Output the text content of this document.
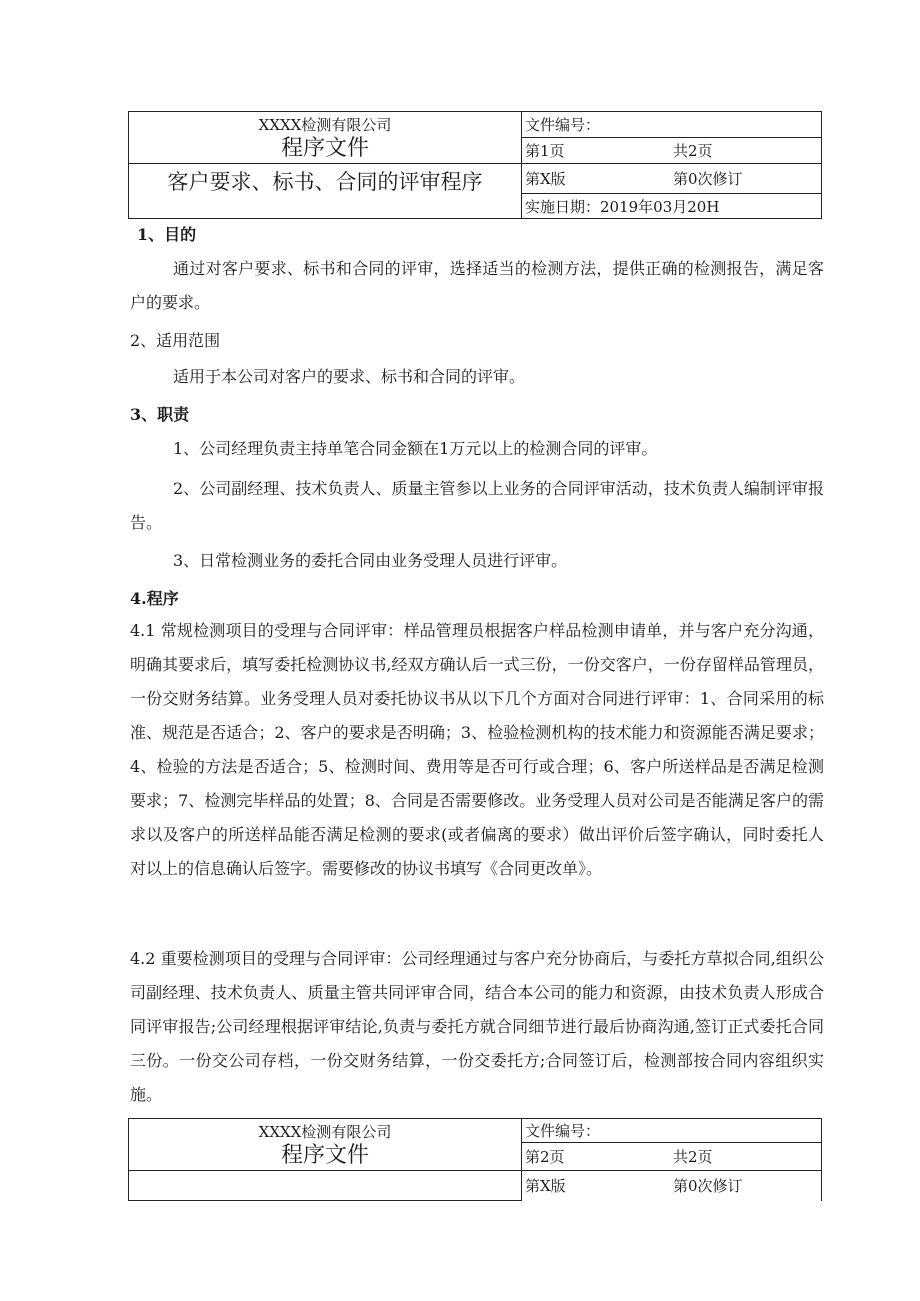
XXXX检测有限公司
程序文件	文件编号：

	第1页 共2页

客户要求、标书、合同的评审程序	第X版 第0次修订

	实施日期：2019年03月20H
1、目的
通过对客户要求、标书和合同的评审，选择适当的检测方法，提供正确的检测报告，满足客户的要求。
2、适用范围
适用于本公司对客户的要求、标书和合同的评审。
3、职责
1、公司经理负责主持单笔合同金额在1万元以上的检测合同的评审。
2、公司副经理、技术负责人、质量主管参以上业务的合同评审活动，技术负责人编制评审报告。
3、日常检测业务的委托合同由业务受理人员进行评审。
4.程序
4.1 常规检测项目的受理与合同评审：样品管理员根据客户样品检测申请单，并与客户充分沟通，明确其要求后，填写委托检测协议书,经双方确认后一式三份，一份交客户，一份存留样品管理员，一份交财务结算。业务受理人员对委托协议书从以下几个方面对合同进行评审：1、合同采用的标准、规范是否适合；2、客户的要求是否明确；3、检验检测机构的技术能力和资源能否满足要求；4、检验的方法是否适合；5、检测时间、费用等是否可行或合理；6、客户所送样品是否满足检测要求；7、检测完毕样品的处置；8、合同是否需要修改。业务受理人员对公司是否能满足客户的需求以及客户的所送样品能否满足检测的要求(或者偏离的要求）做出评价后签字确认，同时委托人对以上的信息确认后签字。需要修改的协议书填写《合同更改单》。
4.2 重要检测项目的受理与合同评审：公司经理通过与客户充分协商后，与委托方草拟合同,组织公司副经理、技术负责人、质量主管共同评审合同，结合本公司的能力和资源，由技术负责人形成合同评审报告;公司经理根据评审结论,负责与委托方就合同细节进行最后协商沟通,签订正式委托合同三份。一份交公司存档，一份交财务结算，一份交委托方;合同签订后，检测部按合同内容组织实施。
XXXX检测有限公司
程序文件	文件编号：

	第2页 共2页

	第X版 第0次修订
